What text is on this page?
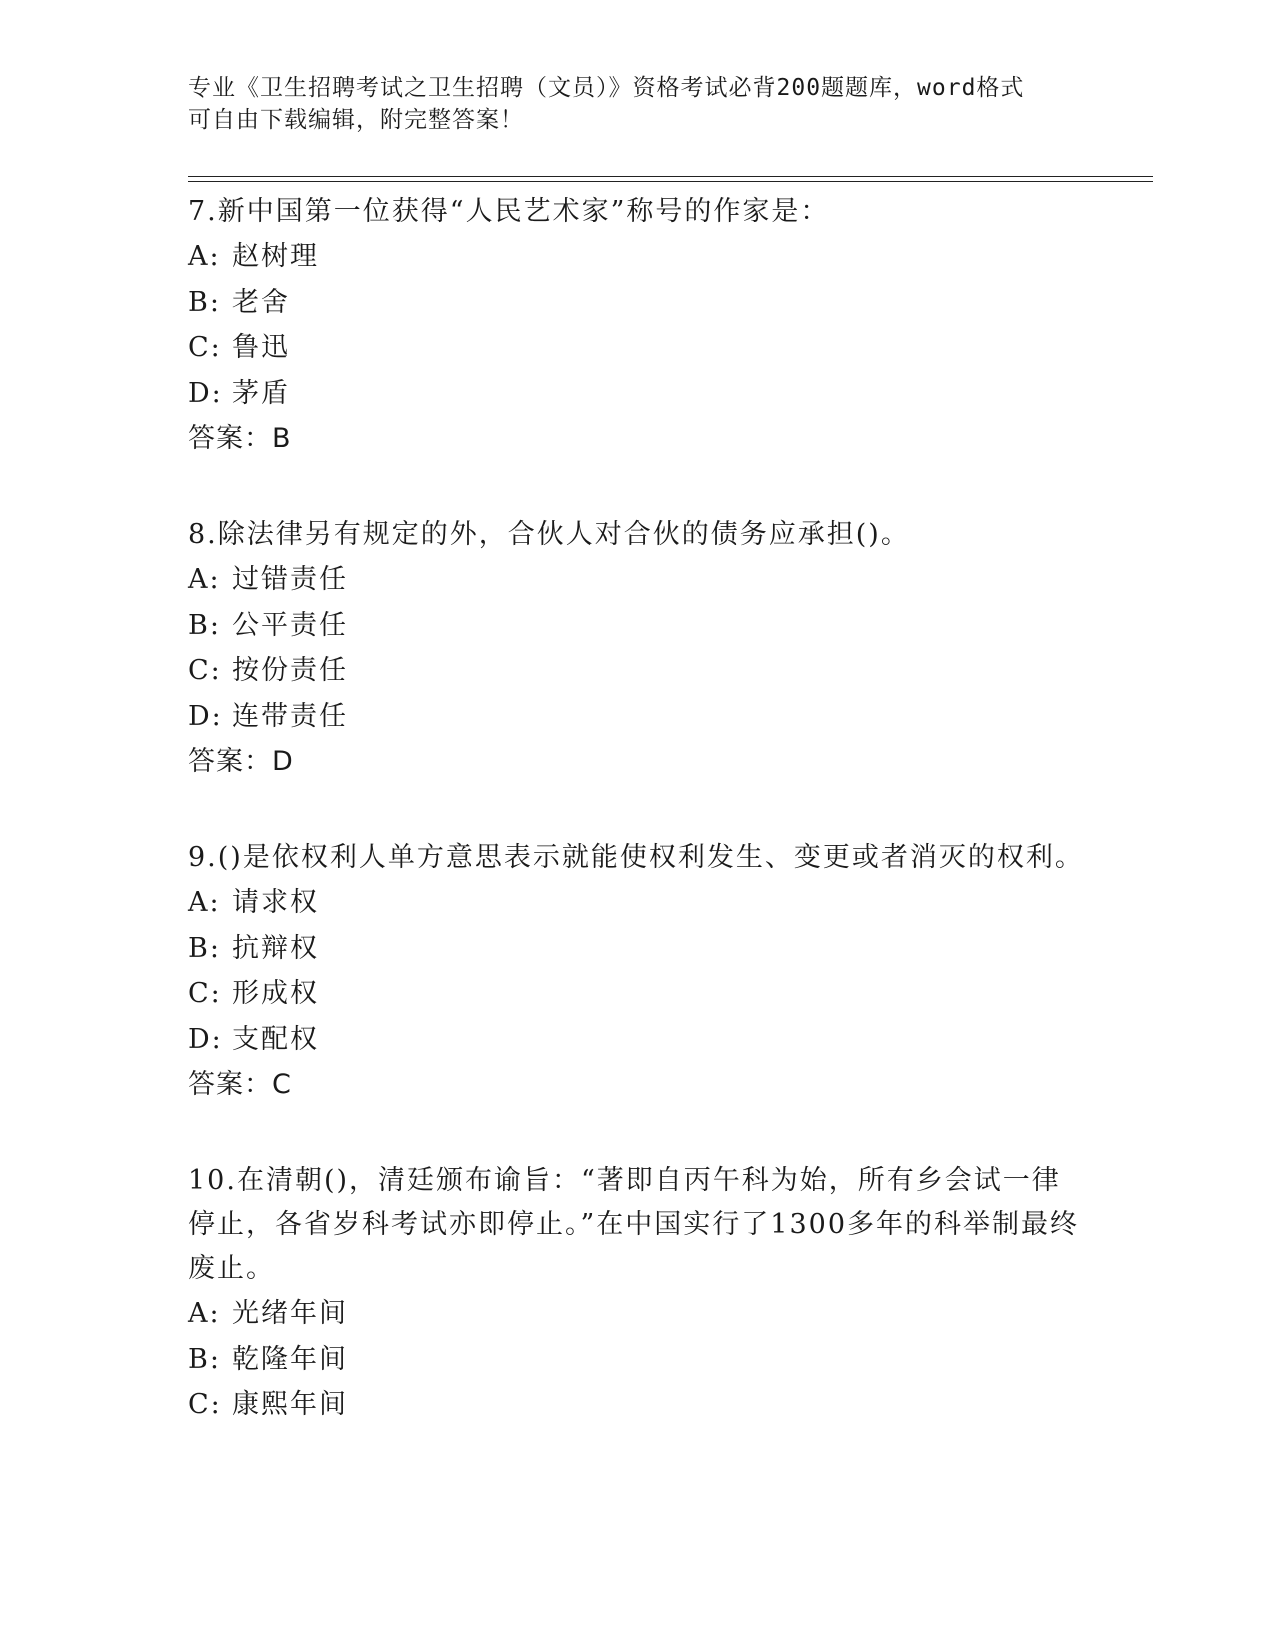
专业《卫生招聘考试之卫生招聘（文员）》资格考试必背200题题库，word格式
可自由下载编辑，附完整答案！
7.新中国第一位获得“人民艺术家”称号的作家是：
A: 赵树理
B: 老舍
C: 鲁迅
D: 茅盾
答案：B
8.除法律另有规定的外，合伙人对合伙的债务应承担()。
A: 过错责任
B: 公平责任
C: 按份责任
D: 连带责任
答案：D
9.()是依权利人单方意思表示就能使权利发生、变更或者消灭的权利。
A: 请求权
B: 抗辩权
C: 形成权
D: 支配权
答案：C
10.在清朝()，清廷颁布谕旨：“著即自丙午科为始，所有乡会试一律停止，各省岁科考试亦即停止。”在中国实行了1300多年的科举制最终废止。
A: 光绪年间
B: 乾隆年间
C: 康熙年间
